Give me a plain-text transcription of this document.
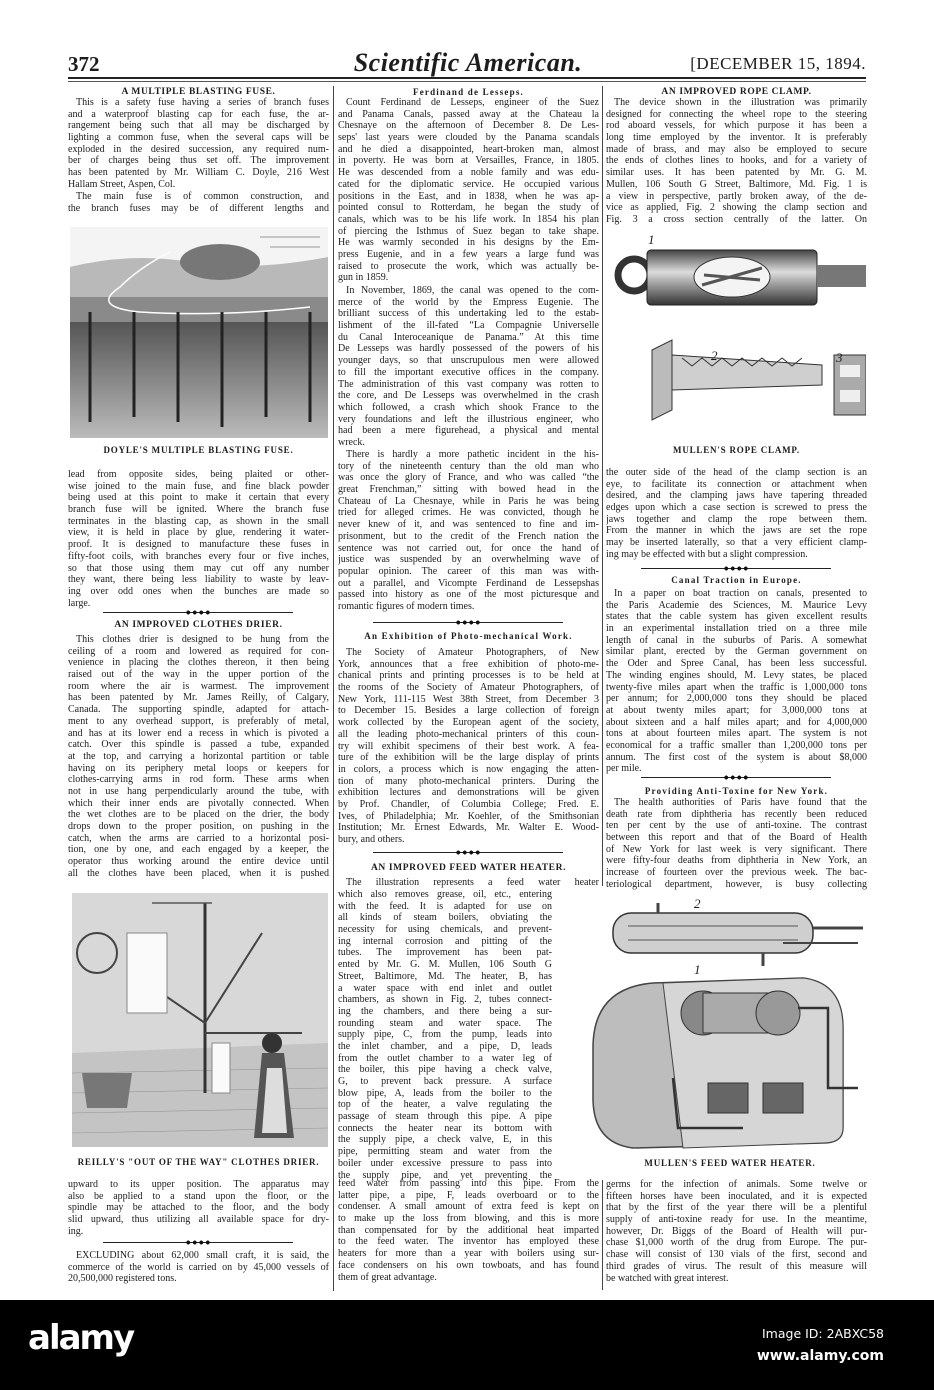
372	Scientific American.	[DECEMBER 15, 1894.
A MULTIPLE BLASTING FUSE.
This is a safety fuse having a series of branch fuses
and a waterproof blasting cap for each fuse, the ar-
rangement being such that all may be discharged by
lighting a common fuse, when the several caps will be
exploded in the desired succession, any required num-
ber of charges being thus set off. The improvement
has been patented by Mr. William C. Doyle, 216 West
Hallam Street, Aspen, Col.
The main fuse is of common construction, and
the branch fuses may be of different lengths and
DOYLE'S MULTIPLE BLASTING FUSE.
lead from opposite sides, being plaited or other-
wise joined to the main fuse, and fine black powder
being used at this point to make it certain that every
branch fuse will be ignited. Where the branch fuse
terminates in the blasting cap, as shown in the small
view, it is held in place by glue, rendering it water-
proof. It is designed to manufacture these fuses in
fifty-foot coils, with branches every four or five inches,
so that those using them may cut off any number
they want, there being less liability to waste by leav-
ing over odd ones when the bunches are made so
large.
AN IMPROVED CLOTHES DRIER.
This clothes drier is designed to be hung from the
ceiling of a room and lowered as required for con-
venience in placing the clothes thereon, it then being
raised out of the way in the upper portion of the
room where the air is warmest. The improvement
has been patented by Mr. James Reilly, of Calgary,
Canada. The supporting spindle, adapted for attach-
ment to any overhead support, is preferably of metal,
and has at its lower end a recess in which is pivoted a
catch. Over this spindle is passed a tube, expanded
at the top, and carrying a horizontal partition or table
having on its periphery metal loops or keepers for
clothes-carrying arms in rod form. These arms when
not in use hang perpendicularly around the tube, with
which their inner ends are pivotally connected. When
the wet clothes are to be placed on the drier, the body
drops down to the proper position, on pushing in the
catch, when the arms are carried to a horizontal posi-
tion, one by one, and each engaged by a keeper, the
operator thus working around the entire device until
all the clothes have been placed, when it is pushed
REILLY'S "OUT OF THE WAY" CLOTHES DRIER.
upward to its upper position. The apparatus may
also be applied to a stand upon the floor, or the
spindle may be attached to the floor, and the body
slid upward, thus utilizing all available space for dry-
ing.
EXCLUDING about 62,000 small craft, it is said, the
commerce of the world is carried on by 45,000 vessels of
20,500,000 registered tons.
Ferdinand de Lesseps.
Count Ferdinand de Lesseps, engineer of the Suez
and Panama Canals, passed away at the Chateau la
Chesnaye on the afternoon of December 8. De Les-
seps' last years were clouded by the Panama scandals
and he died a disappointed, heart-broken man, almost
in poverty. He was born at Versailles, France, in 1805.
He was descended from a noble family and was edu-
cated for the diplomatic service. He occupied various
positions in the East, and in 1838, when he was ap-
pointed consul to Rotterdam, he began the study of
canals, which was to be his life work. In 1854 his plan
of piercing the Isthmus of Suez began to take shape.
He was warmly seconded in his designs by the Em-
press Eugenie, and in a few years a large fund was
raised to prosecute the work, which was actually be-
gun in 1859.
In November, 1869, the canal was opened to the com-
merce of the world by the Empress Eugenie. The
brilliant success of this undertaking led to the estab-
lishment of the ill-fated “La Compagnie Universelle
du Canal Interoceanique de Panama.” At this time
De Lesseps was hardly possessed of the powers of his
younger days, so that unscrupulous men were allowed
to fill the important executive offices in the company.
The administration of this vast company was rotten to
the core, and De Lesseps was overwhelmed in the crash
which followed, a crash which shook France to the
very foundations and left the illustrious engineer, who
had been a mere figurehead, a physical and mental
wreck.
There is hardly a more pathetic incident in the his-
tory of the nineteenth century than the old man who
was once the glory of France, and who was called “the
great Frenchman,” sitting with bowed head in the
Chateau of La Chesnaye, while in Paris he was being
tried for alleged crimes. He was convicted, though he
never knew of it, and was sentenced to fine and im-
prisonment, but to the credit of the French nation the
sentence was not carried out, for once the hand of
justice was suspended by an overwhelming wave of
popular opinion. The career of this man was with-
out a parallel, and Vicompte Ferdinand de Lessepshas
passed into history as one of the most picturesque and
romantic figures of modern times.
An Exhibition of Photo-mechanical Work.
The Society of Amateur Photographers, of New
York, announces that a free exhibition of photo-me-
chanical prints and printing processes is to be held at
the rooms of the Society of Amateur Photographers, of
New York, 111-115 West 38th Street, from December 3
to December 15. Besides a large collection of foreign
work collected by the European agent of the society,
all the leading photo-mechanical printers of this coun-
try will exhibit specimens of their best work. A fea-
ture of the exhibition will be the large display of prints
in colors, a process which is now engaging the atten-
tion of many photo-mechanical printers. During the
exhibition lectures and demonstrations will be given
by Prof. Chandler, of Columbia College; Fred. E.
Ives, of Philadelphia; Mr. Koehler, of the Smithsonian
Institution; Mr. Ernest Edwards, Mr. Walter E. Wood-
bury, and others.
AN IMPROVED FEED WATER HEATER.
The illustration represents a feed water heater
which also removes grease, oil, etc., entering
with the feed. It is adapted for use on
all kinds of steam boilers, obviating the
necessity for using chemicals, and prevent-
ing internal corrosion and pitting of the
tubes. The improvement has been pat-
ented by Mr. G. M. Mullen, 106 South G
Street, Baltimore, Md. The heater, B, has
a water space with end inlet and outlet
chambers, as shown in Fig. 2, tubes connect-
ing the chambers, and there being a sur-
rounding steam and water space. The
supply pipe, C, from the pump, leads into
the inlet chamber, and a pipe, D, leads
from the outlet chamber to a water leg of
the boiler, this pipe having a check valve,
G, to prevent back pressure. A surface
blow pipe, A, leads from the boiler to the
top of the heater, a valve regulating the
passage of steam through this pipe. A pipe
connects the heater near its bottom with
the supply pipe, a check valve, E, in this
pipe, permitting steam and water from the
boiler under excessive pressure to pass into
the supply pipe, and yet preventing the
feed water from passing into this pipe. From the
latter pipe, a pipe, F, leads overboard or to the
condenser. A small amount of extra feed is kept on
to make up the loss from blowing, and this is more
than compensated for by the additional heat imparted
to the feed water. The inventor has employed these
heaters for more than a year with boilers using sur-
face condensers on his own towboats, and has found
them of great advantage.
2
1
MULLEN'S FEED WATER HEATER.
AN IMPROVED ROPE CLAMP.
The device shown in the illustration was primarily
designed for connecting the wheel rope to the steering
rod aboard vessels, for which purpose it has been a
long time employed by the inventor. It is preferably
made of brass, and may also be employed to secure
the ends of clothes lines to hooks, and for a variety of
similar uses. It has been patented by Mr. G. M.
Mullen, 106 South G Street, Baltimore, Md. Fig. 1 is
a view in perspective, partly broken away, of the de-
vice as applied, Fig. 2 showing the clamp section and
Fig. 3 a cross section centrally of the latter. On
1
2	3
MULLEN'S ROPE CLAMP.
the outer side of the head of the clamp section is an
eye, to facilitate its connection or attachment when
desired, and the clamping jaws have tapering threaded
edges upon which a case section is screwed to press the
jaws together and clamp the rope between them.
From the manner in which the jaws are set the rope
may be inserted laterally, so that a very efficient clamp-
ing may be effected with but a slight compression.
Canal Traction in Europe.
In a paper on boat traction on canals, presented to
the Paris Academie des Sciences, M. Maurice Levy
states that the cable system has given excellent results
in an experimental installation tried on a three mile
length of canal in the suburbs of Paris. A somewhat
similar plant, erected by the German government on
the Oder and Spree Canal, has been less successful.
The winding engines should, M. Levy states, be placed
twenty-five miles apart when the traffic is 1,000,000 tons
per annum; for 2,000,000 tons they should be placed
at about twenty miles apart; for 3,000,000 tons at
about sixteen and a half miles apart; and for 4,000,000
tons at about fourteen miles apart. The system is not
economical for a traffic smaller than 1,200,000 tons per
annum. The first cost of the system is about $8,000
per mile.
Providing Anti-Toxine for New York.
The health authorities of Paris have found that the
death rate from diphtheria has recently been reduced
ten per cent by the use of anti-toxine. The contrast
between this report and that of the Board of Health
of New York for last week is very significant. There
were fifty-four deaths from diphtheria in New York, an
increase of fourteen over the previous week. The bac-
teriological department, however, is busy collecting
germs for the infection of animals. Some twelve or
fifteen horses have been inoculated, and it is expected
that by the first of the year there will be a plentiful
supply of anti-toxine ready for use. In the meantime,
however, Dr. Biggs of the Board of Health will pur-
chase $1,000 worth of the drug from Europe. The pur-
chase will consist of 130 vials of the first, second and
third grades of virus. The result of this measure will
be watched with great interest.
alamy	Image ID: 2ABXC58
www.alamy.com
